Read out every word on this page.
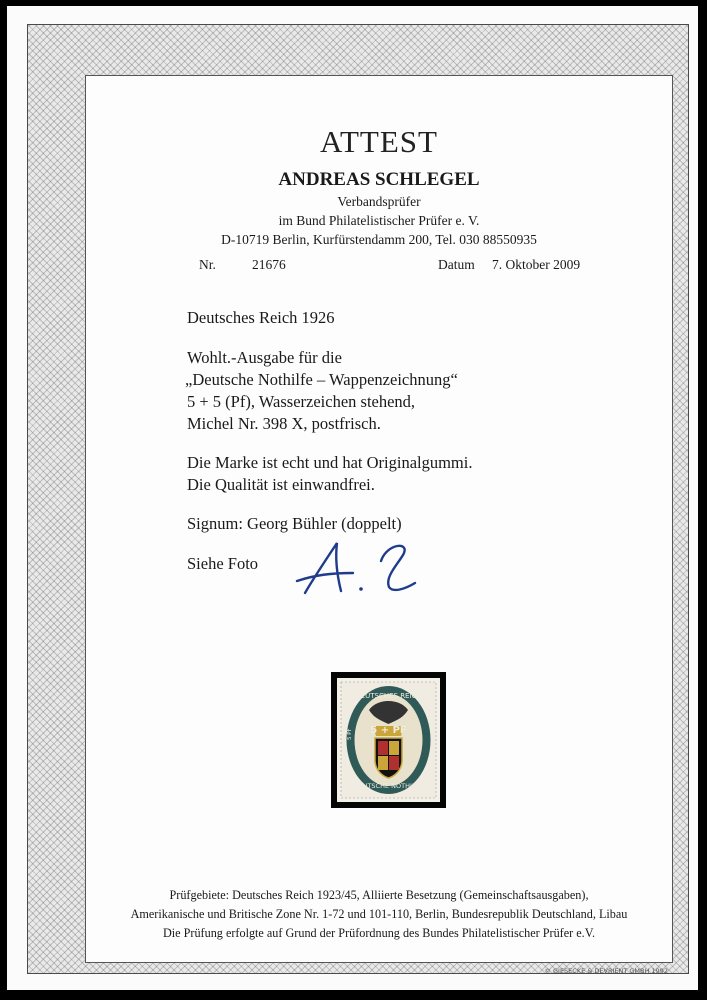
ATTEST
ANDREAS SCHLEGEL
Verbandsprüfer
im Bund Philatelistischer Prüfer e. V.
D-10719 Berlin, Kurfürstendamm 200, Tel. 030 88550935
Nr.	21676	Datum 7. Oktober 2009
Deutsches Reich 1926
Wohlt.-Ausgabe für die
„Deutsche Nothilfe – Wappenzeichnung“
5 + 5 (Pf), Wasserzeichen stehend,
Michel Nr. 398 X, postfrisch.
Die Marke ist echt und hat Originalgummi.
Die Qualität ist einwandfrei.
Signum: Georg Bühler (doppelt)
Siehe Foto
DEUTSCHES REICH
5 + PF
5 PF
DEUTSCHE NOTHILFE
Prüfgebiete: Deutsches Reich 1923/45, Alliierte Besetzung (Gemeinschaftsausgaben),
Amerikanische und Britische Zone Nr. 1-72 und 101-110, Berlin, Bundesrepublik Deutschland, Libau
Die Prüfung erfolgte auf Grund der Prüfordnung des Bundes Philatelistischer Prüfer e.V.
© GIESECKE & DEVRIENT GMBH 1992
